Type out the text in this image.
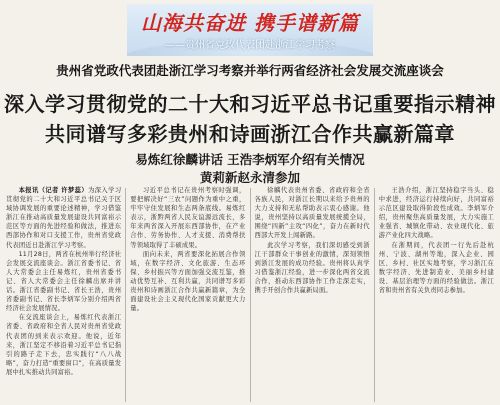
山海共奋进 携手谱新篇
——贵州省党政代表团赴浙江学习考察
贵州省党政代表团赴浙江学习考察并举行两省经济社会发展交流座谈会
深入学习贯彻党的二十大和习近平总书记重要指示精神
共同谱写多彩贵州和诗画浙江合作共赢新篇章
易炼红徐麟讲话 王浩李炳军介绍有关情况
黄莉新赵永清参加

本报讯（记者 许梦蕊）为深入学习贯彻党的二十大和习近平总书记关于区域协调发展的重要论述精神，学习借鉴浙江在推动高质量发展建设共同富裕示范区等方面的先进经验和做法，推进东西部协作和对口支援工作，贵州省党政代表团近日赴浙江学习考察。

11月28日，两省在杭州举行经济社会发展交流座谈会。浙江省委书记、省人大常委会主任易炼红，贵州省委书记、省人大常委会主任徐麟出席并讲话。浙江省委副书记、省长王浩，贵州省委副书记、省长李炳军分别介绍两省经济社会发展情况。

在交流座谈会上，易炼红代表浙江省委、省政府和全省人民对贵州省党政代表团的到来表示欢迎。他说，近年来，浙江坚定不移沿着习近平总书记指引的路子走下去，忠实践行“八八战略”，奋力打造“重要窗口”，在高质量发展中扎实推动共同富裕。

习近平总书记在贵州考察时强调，要把解决好“三农”问题作为重中之重，牢牢守住发展和生态两条底线。易炼红表示，浙黔两省人民友谊源远流长，多年来两省深入开展东西部协作，在产业合作、劳务协作、人才支援、消费帮扶等领域取得了丰硕成果。

面向未来，两省要深化拓展合作领域，在数字经济、文化旅游、生态环保、乡村振兴等方面加强交流互鉴，推动优势互补、互利共赢，共同谱写多彩贵州和诗画浙江合作共赢新篇章，为全面建设社会主义现代化国家贡献更大力量。

徐麟代表贵州省委、省政府和全省各族人民，对浙江长期以来给予贵州的大力支持和无私帮助表示衷心感谢。他说，贵州坚持以高质量发展统揽全局，围绕“四新”主攻“四化”，奋力在新时代西部大开发上闯新路。

此次学习考察，我们深切感受到浙江干部群众干事创业的激情，深刻领悟到浙江发展的成功经验。贵州将认真学习借鉴浙江经验，进一步深化两省交流合作，推动东西部协作工作走深走实，携手开创合作共赢新局面。

王浩介绍，浙江坚持稳字当头、稳中求进，经济运行持续向好，共同富裕示范区建设取得阶段性成效。李炳军介绍，贵州聚焦高质量发展，大力实施工业强省、城镇化带动、农业现代化、旅游产业化四大战略。

在浙期间，代表团一行先后赴杭州、宁波、湖州等地，深入企业、园区、乡村、社区实地考察，学习浙江在数字经济、先进制造业、美丽乡村建设、基层治理等方面的经验做法。浙江省和贵州省有关负责同志参加。
